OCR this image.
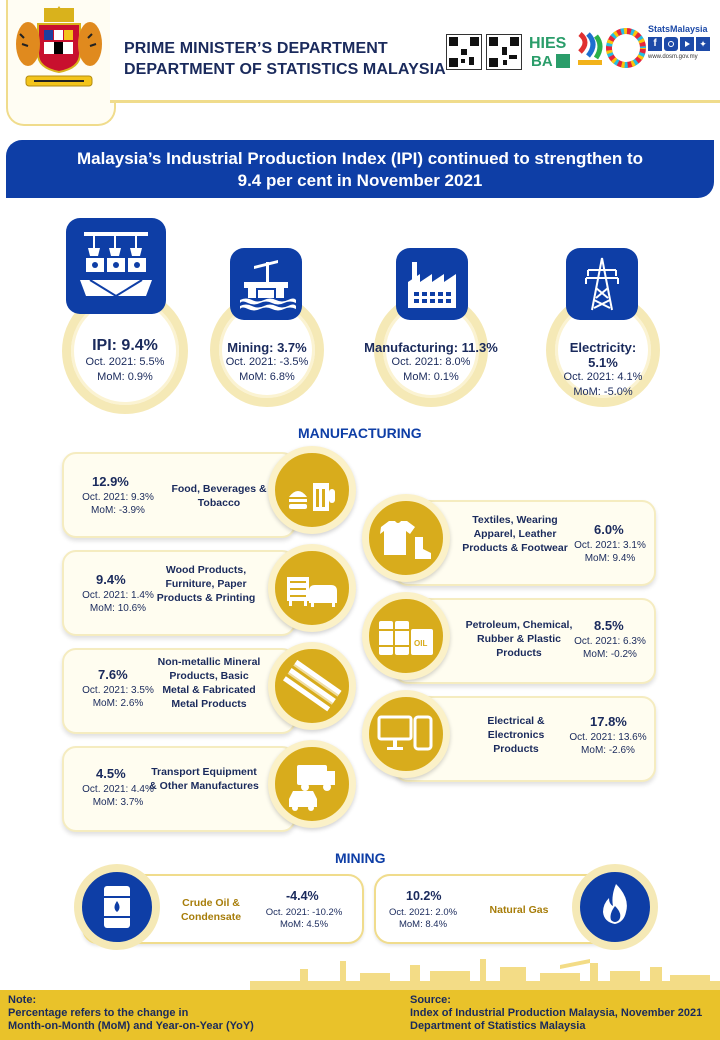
PRIME MINISTER’S DEPARTMENT
DEPARTMENT OF STATISTICS MALAYSIA
HIES
BA
StatsMalaysia
f	✦
www.dosm.gov.my
Malaysia’s Industrial Production Index (IPI) continued to strengthen to
9.4 per cent in November 2021
IPI: 9.4%
Oct. 2021: 5.5%
MoM: 0.9%
Mining: 3.7%
Oct. 2021: -3.5%
MoM: 6.8%
Manufacturing: 11.3%
Oct. 2021: 8.0%
MoM: 0.1%
Electricity: 5.1%
Oct. 2021: 4.1%
MoM: -5.0%
MANUFACTURING
12.9%
Oct. 2021: 9.3%
MoM: -3.9%
Food, Beverages & Tobacco
9.4%
Oct. 2021: 1.4%
MoM: 10.6%
Wood Products, Furniture, Paper Products & Printing
7.6%
Oct. 2021: 3.5%
MoM: 2.6%
Non-metallic Mineral Products, Basic Metal & Fabricated Metal Products
4.5%
Oct. 2021: 4.4%
MoM: 3.7%
Transport Equipment & Other Manufactures
Textiles, Wearing Apparel, Leather Products & Footwear
6.0%
Oct. 2021: 3.1%
MoM: 9.4%
Petroleum, Chemical, Rubber & Plastic Products
8.5%
Oct. 2021: 6.3%
MoM: -0.2%
OIL
Electrical & Electronics Products
17.8%
Oct. 2021: 13.6%
MoM: -2.6%
MINING
Crude Oil & Condensate
-4.4%
Oct. 2021: -10.2%
MoM: 4.5%
10.2%
Oct. 2021: 2.0%
MoM: 8.4%
Natural Gas
Note:
Percentage refers to the change in
Month-on-Month (MoM) and Year-on-Year (YoY)
Source:
Index of Industrial Production Malaysia, November 2021
Department of Statistics Malaysia
